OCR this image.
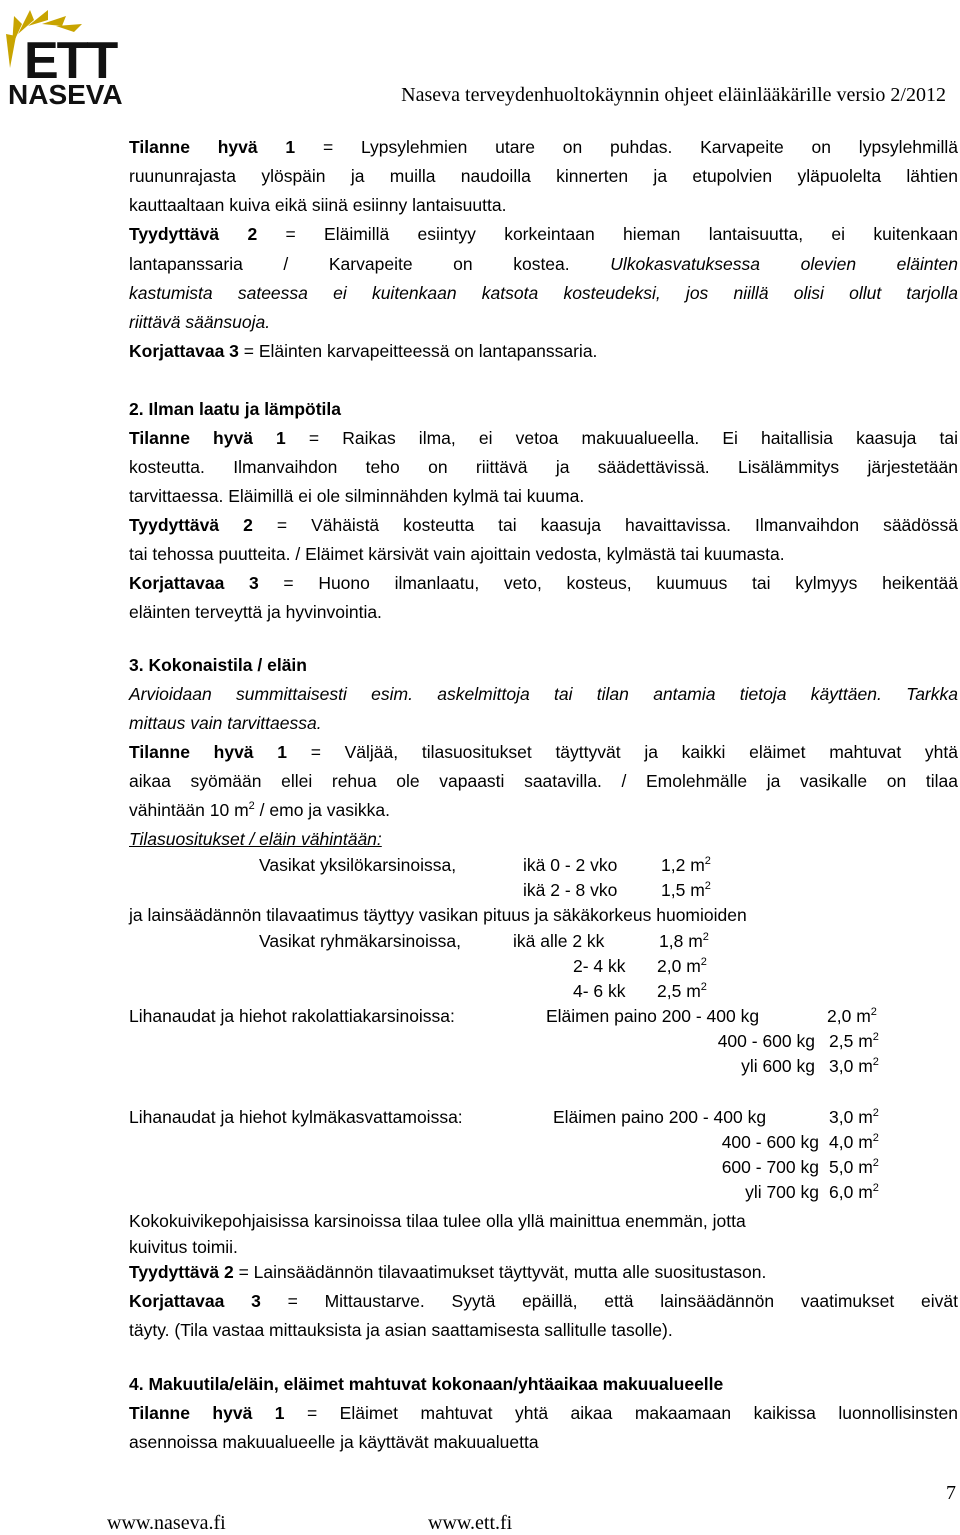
ETT
NASEVA	Naseva terveydenhuoltokäynnin ohjeet eläinlääkärille versio 2/2012
Tilanne hyvä 1 = Lypsylehmien utare on puhdas. Karvapeite on lypsylehmillä
ruununrajasta ylöspäin ja muilla naudoilla kinnerten ja etupolvien yläpuolelta lähtien
kauttaaltaan kuiva eikä siinä esiinny lantaisuutta.
Tyydyttävä 2 = Eläimillä esiintyy korkeintaan hieman lantaisuutta, ei kuitenkaan
lantapanssaria / Karvapeite on kostea. Ulkokasvatuksessa olevien eläinten
kastumista sateessa ei kuitenkaan katsota kosteudeksi, jos niillä olisi ollut tarjolla
riittävä säänsuoja.
Korjattavaa 3 = Eläinten karvapeitteessä on lantapanssaria.
2. Ilman laatu ja lämpötila
Tilanne hyvä 1 = Raikas ilma, ei vetoa makuualueella. Ei haitallisia kaasuja tai
kosteutta. Ilmanvaihdon teho on riittävä ja säädettävissä. Lisälämmitys järjestetään
tarvittaessa. Eläimillä ei ole silminnähden kylmä tai kuuma.
Tyydyttävä 2 = Vähäistä kosteutta tai kaasuja havaittavissa. Ilmanvaihdon säädössä
tai tehossa puutteita. / Eläimet kärsivät vain ajoittain vedosta, kylmästä tai kuumasta.
Korjattavaa 3 = Huono ilmanlaatu, veto, kosteus, kuumuus tai kylmyys heikentää
eläinten terveyttä ja hyvinvointia.
3. Kokonaistila / eläin
Arvioidaan summittaisesti esim. askelmittoja tai tilan antamia tietoja käyttäen. Tarkka
mittaus vain tarvittaessa.
Tilanne hyvä 1 = Väljää, tilasuositukset täyttyvät ja kaikki eläimet mahtuvat yhtä
aikaa syömään ellei rehua ole vapaasti saatavilla. / Emolehmälle ja vasikalle on tilaa
vähintään 10 $m^2$ / emo ja vasikka.
Tilasuositukset / eläin vähintään:
Vasikat yksilökarsinoissa,	ikä 0 - 2 vko 1,2 $m^2$
ikä 2 - 8 vko 1,5 $m^2$
ja lainsäädännön tilavaatimus täyttyy vasikan pituus ja säkäkorkeus huomioiden
Vasikat ryhmäkarsinoissa,	ikä alle 2 kk	1,8 $m^2$
2- 4 kk 2,0 $m^2$
4- 6 kk 2,5 $m^2$
Lihanaudat ja hiehot rakolattiakarsinoissa:	Eläimen paino 200 - 400 kg	2,0 $m^2$
400 - 600 kg 2,5 $m^2$
yli 600 kg 3,0 $m^2$
Lihanaudat ja hiehot kylmäkasvattamoissa:	Eläimen paino 200 - 400 kg	3,0 $m^2$
400 - 600 kg 4,0 $m^2$
600 - 700 kg 5,0 $m^2$
yli 700 kg 6,0 $m^2$
Kokokuivikepohjaisissa karsinoissa tilaa tulee olla yllä mainittua enemmän, jotta
kuivitus toimii.
Tyydyttävä 2 = Lainsäädännön tilavaatimukset täyttyvät, mutta alle suositustason.
Korjattavaa 3 = Mittaustarve. Syytä epäillä, että lainsäädännön vaatimukset eivät
täyty. (Tila vastaa mittauksista ja asian saattamisesta sallitulle tasolle).
4. Makuutila/eläin, eläimet mahtuvat kokonaan/yhtäaikaa makuualueelle
Tilanne hyvä 1 = Eläimet mahtuvat yhtä aikaa makaamaan kaikissa luonnollisinsten
asennoissa makuualueelle ja käyttävät makuualuetta
www.naseva.fi	www.ett.fi
7
